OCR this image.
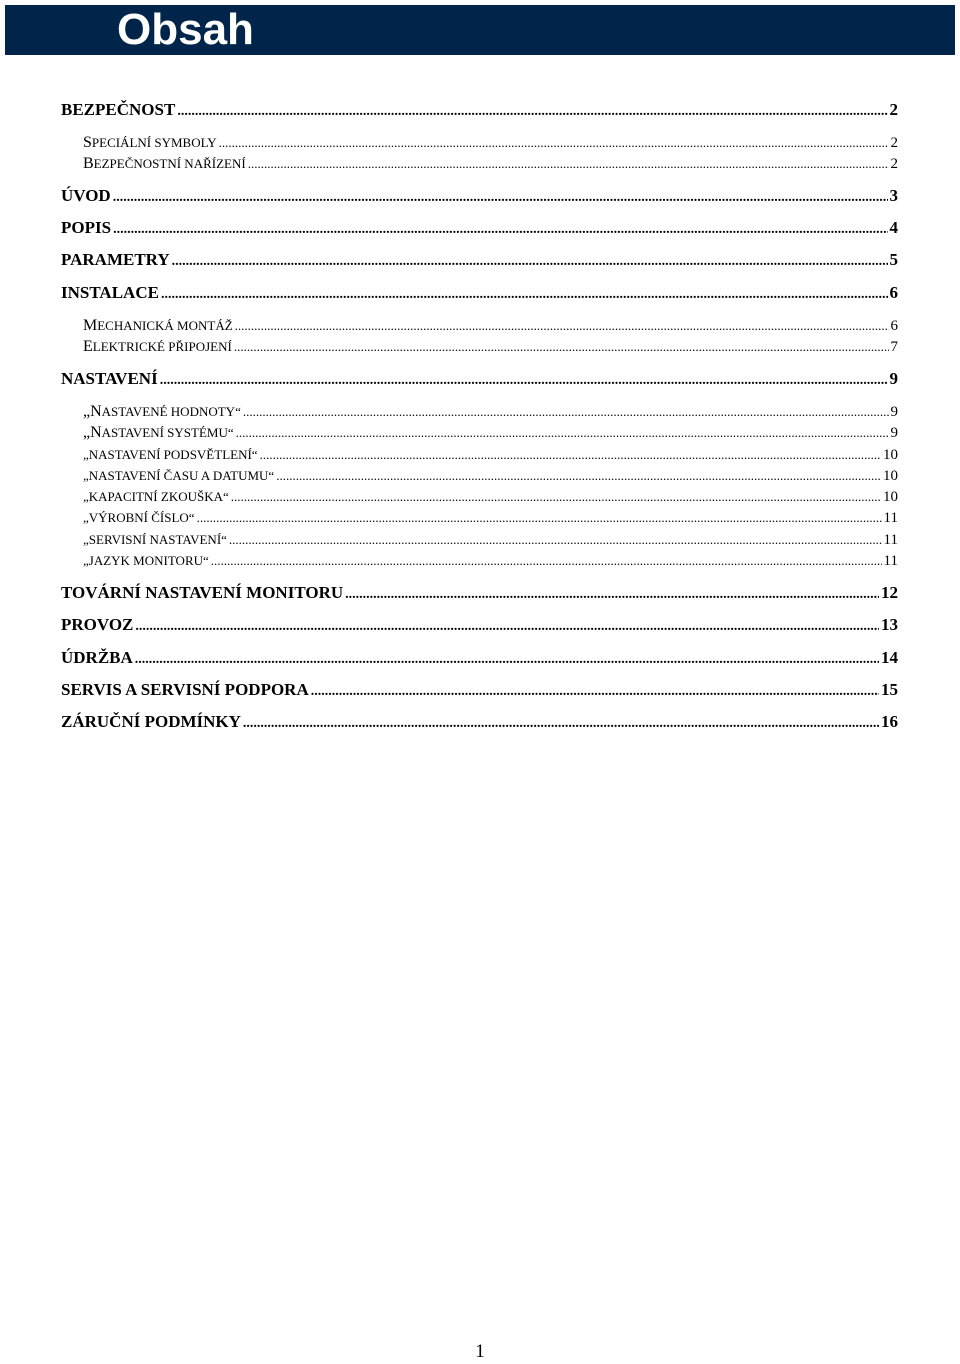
Obsah
BEZPEČNOST .....	2
SPECIÁLNÍ SYMBOLY .....	2
BEZPEČNOSTNÍ NAŘÍZENÍ .....	2
ÚVOD .....	3
POPIS .....	4
PARAMETRY .....	5
INSTALACE .....	6
MECHANICKÁ MONTÁŽ .....	6
ELEKTRICKÉ PŘIPOJENÍ .....	7
NASTAVENÍ .....	9
„NASTAVENÉ HODNOTY“ .....	9
„NASTAVENÍ SYSTÉMU“ .....	9
„NASTAVENÍ PODSVĚTLENÍ“ .....	10
„NASTAVENÍ ČASU A DATUMU“ .....	10
„KAPACITNÍ ZKOUŠKA“ .....	10
„VÝROBNÍ ČÍSLO“ .....	11
„SERVISNÍ NASTAVENÍ“ .....	11
„JAZYK MONITORU“ .....	11
TOVÁRNÍ NASTAVENÍ MONITORU .....	12
PROVOZ .....	13
ÚDRŽBA .....	14
SERVIS A SERVISNÍ PODPORA .....	15
ZÁRUČNÍ PODMÍNKY .....	16
1
